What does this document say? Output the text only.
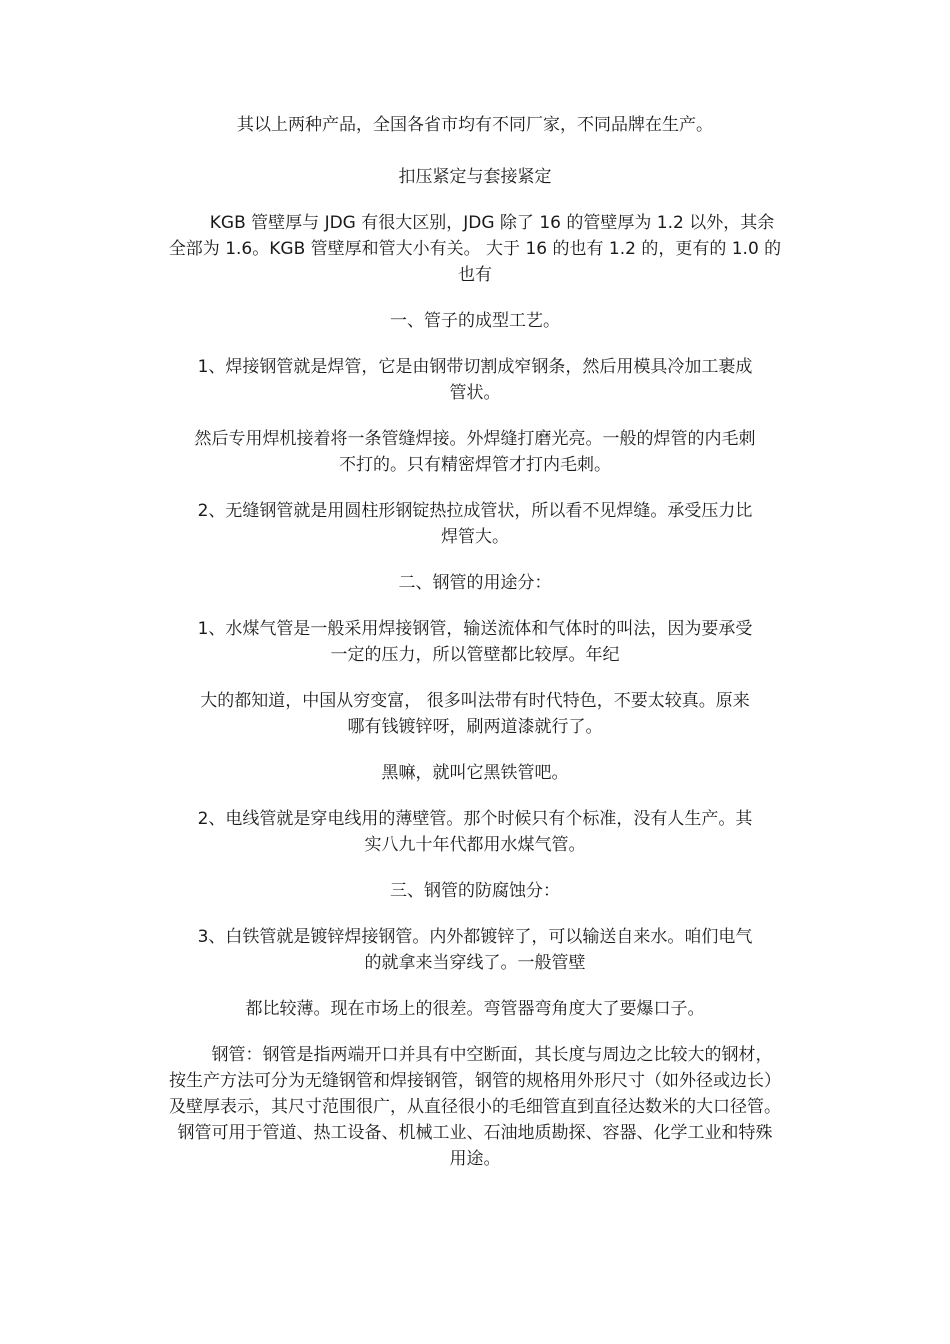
其以上两种产品，全国各省市均有不同厂家，不同品牌在生产。

扣压紧定与套接紧定

KGB 管壁厚与 JDG 有很大区别，JDG 除了 16 的管壁厚为 1.2 以外，其余
全部为 1.6。KGB 管壁厚和管大小有关。 大于 16 的也有 1.2 的，更有的 1.0 的
也有

一、管子的成型工艺。

1、焊接钢管就是焊管，它是由钢带切割成窄钢条，然后用模具冷加工裹成
管状。

然后专用焊机接着将一条管缝焊接。外焊缝打磨光亮。一般的焊管的内毛刺
不打的。只有精密焊管才打内毛刺。

2、无缝钢管就是用圆柱形钢锭热拉成管状，所以看不见焊缝。承受压力比
焊管大。

二、钢管的用途分：

1、水煤气管是一般采用焊接钢管，输送流体和气体时的叫法，因为要承受
一定的压力，所以管壁都比较厚。年纪

大的都知道，中国从穷变富， 很多叫法带有时代特色，不要太较真。原来
哪有钱镀锌呀，刷两道漆就行了。

黑嘛，就叫它黑铁管吧。

2、电线管就是穿电线用的薄壁管。那个时候只有个标准，没有人生产。其
实八九十年代都用水煤气管。

三、钢管的防腐蚀分：

3、白铁管就是镀锌焊接钢管。内外都镀锌了，可以输送自来水。咱们电气
的就拿来当穿线了。一般管壁

都比较薄。现在市场上的很差。弯管器弯角度大了要爆口子。

钢管：钢管是指两端开口并具有中空断面，其长度与周边之比较大的钢材，
按生产方法可分为无缝钢管和焊接钢管，钢管的规格用外形尺寸（如外径或边长）
及壁厚表示，其尺寸范围很广，从直径很小的毛细管直到直径达数米的大口径管。
钢管可用于管道、热工设备、机械工业、石油地质勘探、容器、化学工业和特殊
用途。
